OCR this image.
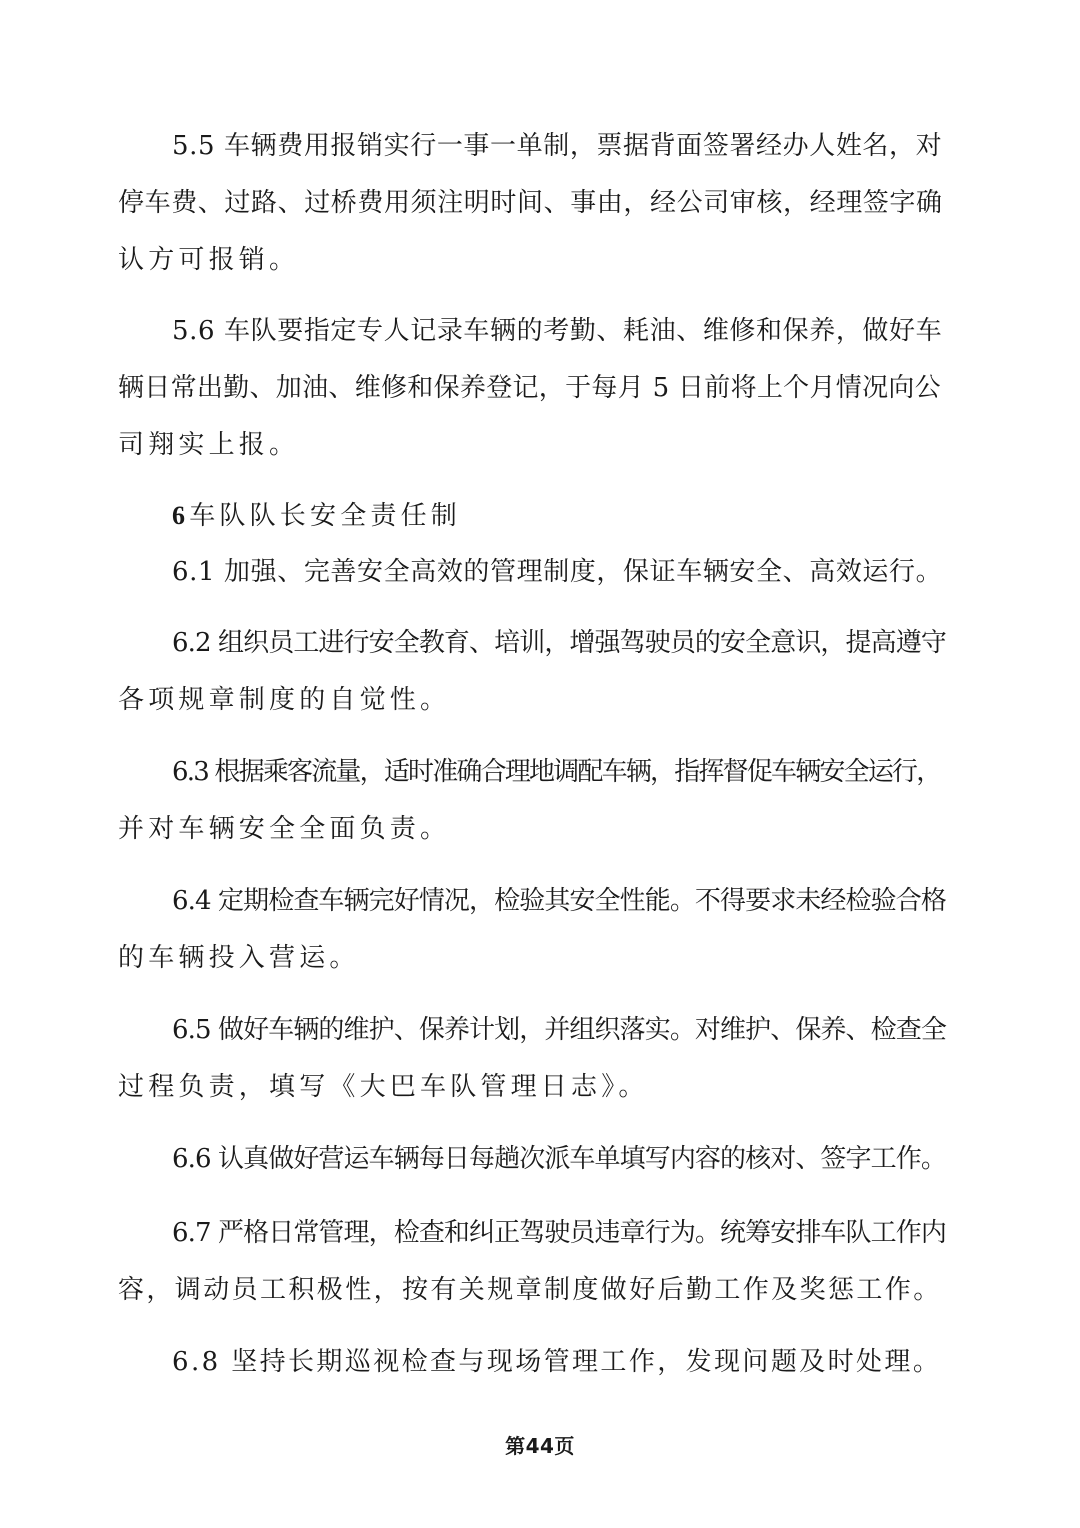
5.5 车辆费用报销实行一事一单制，票据背面签署经办人姓名，对
停车费、过路、过桥费用须注明时间、事由，经公司审核，经理签字确
认方可报销。
5.6 车队要指定专人记录车辆的考勤、耗油、维修和保养，做好车
辆日常出勤、加油、维修和保养登记，于每月 5 日前将上个月情况向公
司翔实上报。
6车队队长安全责任制
6.1 加强、完善安全高效的管理制度，保证车辆安全、高效运行。
6.2 组织员工进行安全教育、培训，增强驾驶员的安全意识，提高遵守
各项规章制度的自觉性。
6.3 根据乘客流量，适时准确合理地调配车辆，指挥督促车辆安全运行，
并对车辆安全全面负责。
6.4 定期检查车辆完好情况，检验其安全性能。不得要求未经检验合格
的车辆投入营运。
6.5 做好车辆的维护、保养计划，并组织落实。对维护、保养、检查全
过程负责，填写《大巴车队管理日志》。
6.6 认真做好营运车辆每日每趟次派车单填写内容的核对、签字工作。
6.7 严格日常管理，检查和纠正驾驶员违章行为。统筹安排车队工作内
容，调动员工积极性，按有关规章制度做好后勤工作及奖惩工作。
6.8 坚持长期巡视检查与现场管理工作，发现问题及时处理。
第44页
